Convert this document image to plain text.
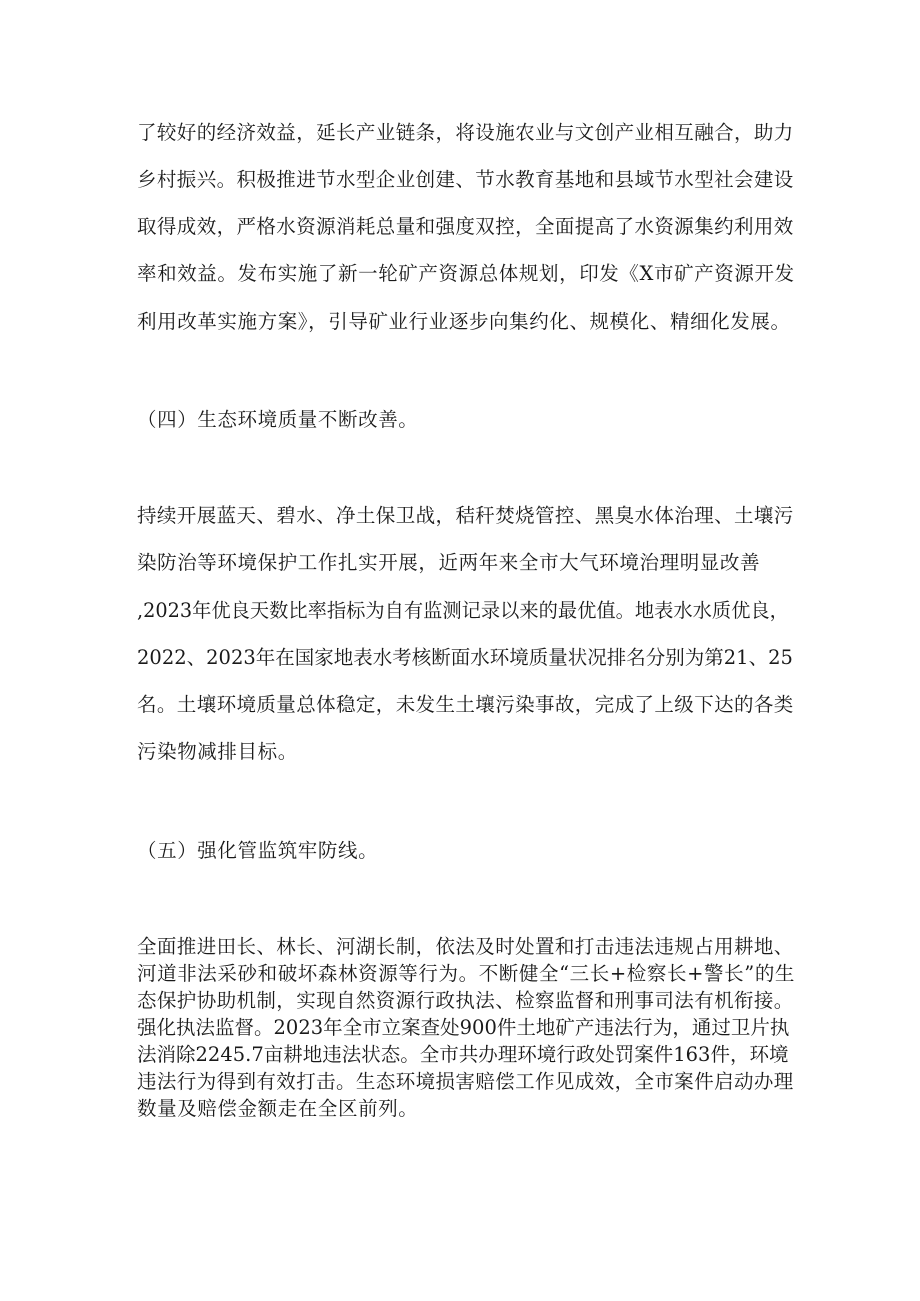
了较好的经济效益，延长产业链条，将设施农业与文创产业相互融合，助力
乡村振兴。积极推进节水型企业创建、节水教育基地和县域节水型社会建设
取得成效，严格水资源消耗总量和强度双控，全面提高了水资源集约利用效
率和效益。发布实施了新一轮矿产资源总体规划，印发《X市矿产资源开发
利用改革实施方案》，引导矿业行业逐步向集约化、规模化、精细化发展。
（四）生态环境质量不断改善。
持续开展蓝天、碧水、净土保卫战，秸秆焚烧管控、黑臭水体治理、土壤污
染防治等环境保护工作扎实开展，近两年来全市大气环境治理明显改善
,2023年优良天数比率指标为自有监测记录以来的最优值。地表水水质优良，
2022、2023年在国家地表水考核断面水环境质量状况排名分别为第21、25
名。土壤环境质量总体稳定，未发生土壤污染事故，完成了上级下达的各类
污染物减排目标。
（五）强化管监筑牢防线。
全面推进田长、林长、河湖长制，依法及时处置和打击违法违规占用耕地、
河道非法采砂和破坏森林资源等行为。不断健全“三长+检察长+警长”的生
态保护协助机制，实现自然资源行政执法、检察监督和刑事司法有机衔接。
强化执法监督。2023年全市立案查处900件土地矿产违法行为，通过卫片执
法消除2245.7亩耕地违法状态。全市共办理环境行政处罚案件163件，环境
违法行为得到有效打击。生态环境损害赔偿工作见成效，全市案件启动办理
数量及赔偿金额走在全区前列。
